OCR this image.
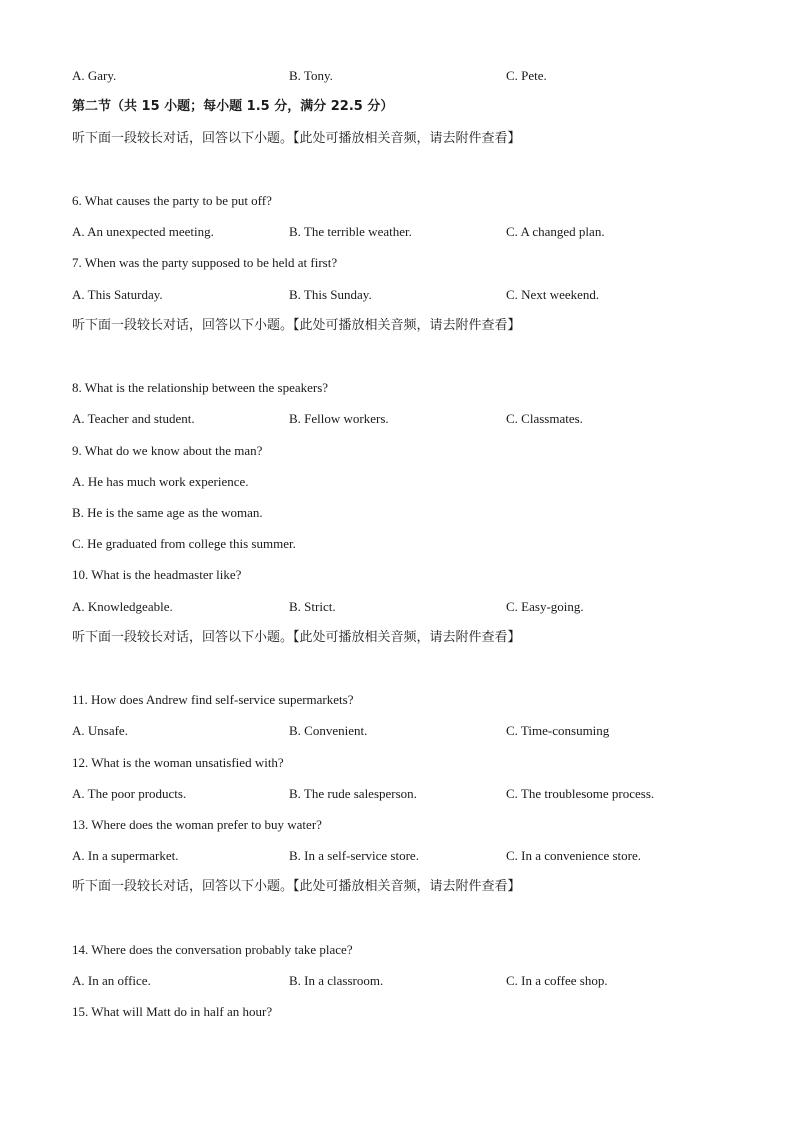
A. Gary.	B. Tony.	C. Pete.
第二节（共 15 小题；每小题 1.5 分，满分 22.5 分）
听下面一段较长对话，回答以下小题。【此处可播放相关音频，请去附件查看】
6. What causes the party to be put off?
A. An unexpected meeting.	B. The terrible weather.	C. A changed plan.
7. When was the party supposed to be held at first?
A. This Saturday.	B. This Sunday.	C. Next weekend.
听下面一段较长对话，回答以下小题。【此处可播放相关音频，请去附件查看】
8. What is the relationship between the speakers?
A. Teacher and student.	B. Fellow workers.	C. Classmates.
9. What do we know about the man?
A. He has much work experience.
B. He is the same age as the woman.
C. He graduated from college this summer.
10. What is the headmaster like?
A. Knowledgeable.	B. Strict.	C. Easy-going.
听下面一段较长对话，回答以下小题。【此处可播放相关音频，请去附件查看】
11. How does Andrew find self-service supermarkets?
A. Unsafe.	B. Convenient.	C. Time-consuming
12. What is the woman unsatisfied with?
A. The poor products.	B. The rude salesperson.	C. The troublesome process.
13. Where does the woman prefer to buy water?
A. In a supermarket.	B. In a self-service store.	C. In a convenience store.
听下面一段较长对话，回答以下小题。【此处可播放相关音频，请去附件查看】
14. Where does the conversation probably take place?
A. In an office.	B. In a classroom.	C. In a coffee shop.
15. What will Matt do in half an hour?
